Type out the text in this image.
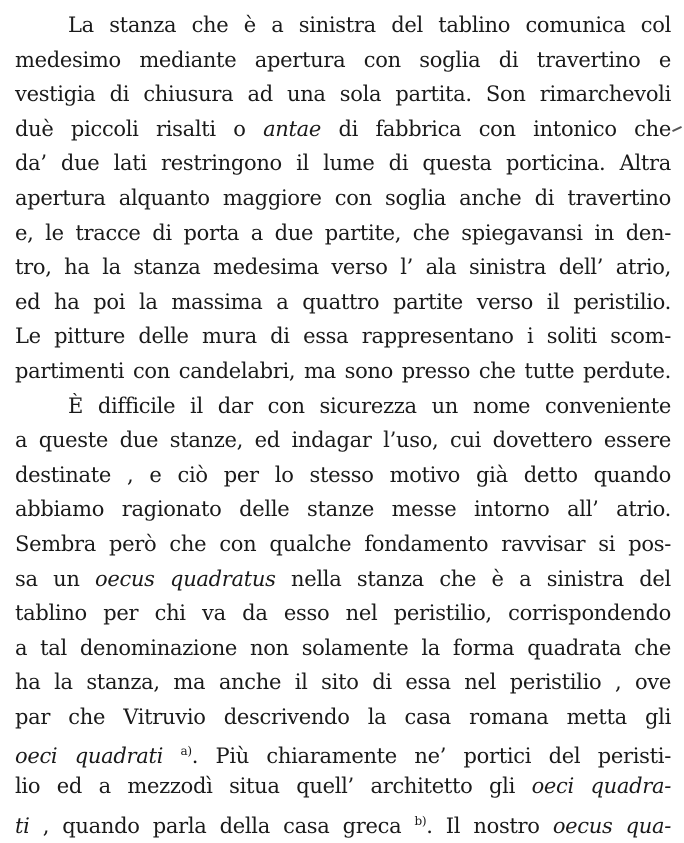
La stanza che è a sinistra del tablino comunica col
medesimo mediante apertura con soglia di travertino e
vestigia di chiusura ad una sola partita. Son rimarchevoli
duè piccoli risalti o antae di fabbrica con intonico che
da’ due lati restringono il lume di questa porticina. Altra
apertura alquanto maggiore con soglia anche di travertino
e, le tracce di porta a due partite, che spiegavansi in den-
tro, ha la stanza medesima verso l’ ala sinistra dell’ atrio,
ed ha poi la massima a quattro partite verso il peristilio.
Le pitture delle mura di essa rappresentano i soliti scom-
partimenti con candelabri, ma sono presso che tutte perdute.
È difficile il dar con sicurezza un nome conveniente
a queste due stanze, ed indagar l’uso, cui dovettero essere
destinate , e ciò per lo stesso motivo già detto quando
abbiamo ragionato delle stanze messe intorno all’ atrio.
Sembra però che con qualche fondamento ravvisar si pos-
sa un oecus quadratus nella stanza che è a sinistra del
tablino per chi va da esso nel peristilio, corrispondendo
a tal denominazione non solamente la forma quadrata che
ha la stanza, ma anche il sito di essa nel peristilio , ove
par che Vitruvio descrivendo la casa romana metta gli
oeci quadrati $^{a)}$. Più chiaramente ne’ portici del peristi-
lio ed a mezzodì situa quell’ architetto gli oeci quadra-
ti , quando parla della casa greca $^{b)}$. Il nostro oecus qua-
